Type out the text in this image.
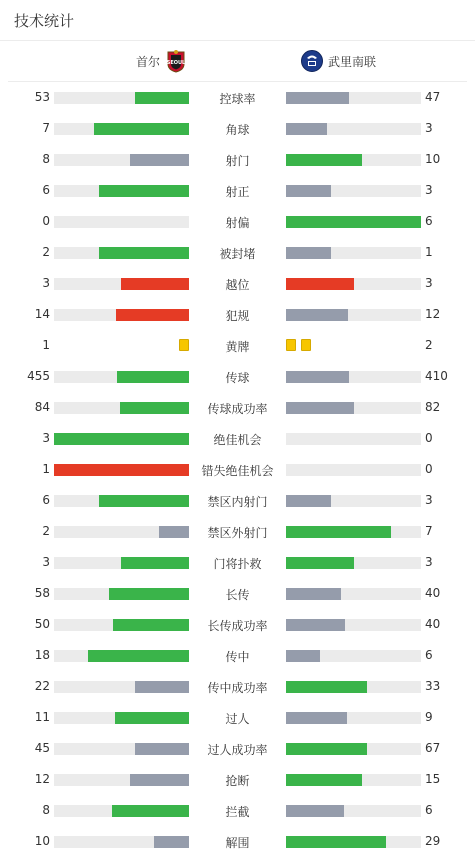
技术统计
首尔 SEOUL	武里南联
53	控球率	47
7	角球	3
8	射门	10
6	射正	3
0	射偏	6
2	被封堵	1
3	越位	3
14	犯规	12
1	黄牌	2
455	传球	410
84	传球成功率	82
3	绝佳机会	0
1	错失绝佳机会	0
6	禁区内射门	3
2	禁区外射门	7
3	门将扑救	3
58	长传	40
50	长传成功率	40
18	传中	6
22	传中成功率	33
11	过人	9
45	过人成功率	67
12	抢断	15
8	拦截	6
10	解围	29
